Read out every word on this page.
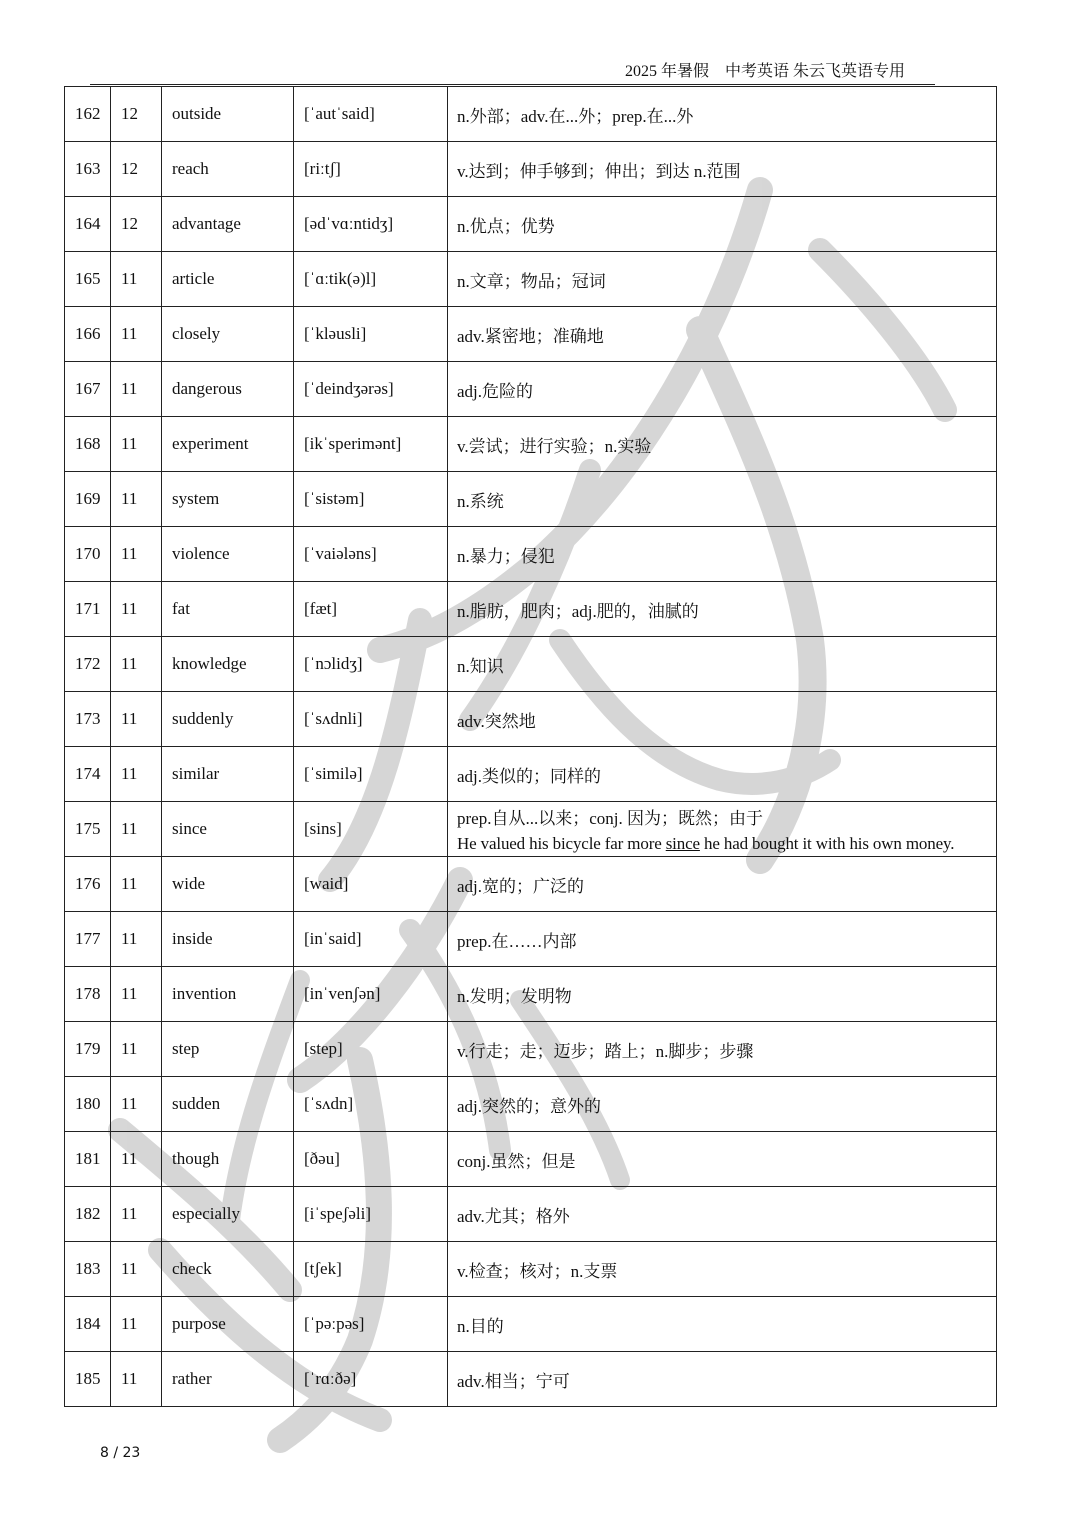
2025 年暑假　中考英语 朱云飞英语专用
162	12	outside	[ˈautˈsaid]	n.外部；adv.在...外；prep.在...外
163	12	reach	[riːtʃ]	v.达到；伸手够到；伸出；到达 n.范围
164	12	advantage	[ədˈvɑːntidʒ]	n.优点；优势
165	11	article	[ˈɑːtik(ə)l]	n.文章；物品；冠词
166	11	closely	[ˈkləusli]	adv.紧密地；准确地
167	11	dangerous	[ˈdeindʒərəs]	adj.危险的
168	11	experiment	[ikˈsperimənt]	v.尝试；进行实验；n.实验
169	11	system	[ˈsistəm]	n.系统
170	11	violence	[ˈvaiələns]	n.暴力；侵犯
171	11	fat	[fæt]	n.脂肪，肥肉；adj.肥的，油腻的
172	11	knowledge	[ˈnɔlidʒ]	n.知识
173	11	suddenly	[ˈsʌdnli]	adv.突然地
174	11	similar	[ˈsimilə]	adj.类似的；同样的
175	11	since	[sins]	prep.自从...以来；conj. 因为；既然；由于
He valued his bicycle far more since he had bought it with his own money.

176	11	wide	[waid]	adj.宽的；广泛的
177	11	inside	[inˈsaid]	prep.在……内部
178	11	invention	[inˈvenʃən]	n.发明；发明物
179	11	step	[step]	v.行走；走；迈步；踏上；n.脚步；步骤
180	11	sudden	[ˈsʌdn]	adj.突然的；意外的
181	11	though	[ðəu]	conj.虽然；但是
182	11	especially	[iˈspeʃəli]	adv.尤其；格外
183	11	check	[tʃek]	v.检查；核对；n.支票
184	11	purpose	[ˈpəːpəs]	n.目的
185	11	rather	[ˈrɑːðə]	adv.相当；宁可
8 / 23
